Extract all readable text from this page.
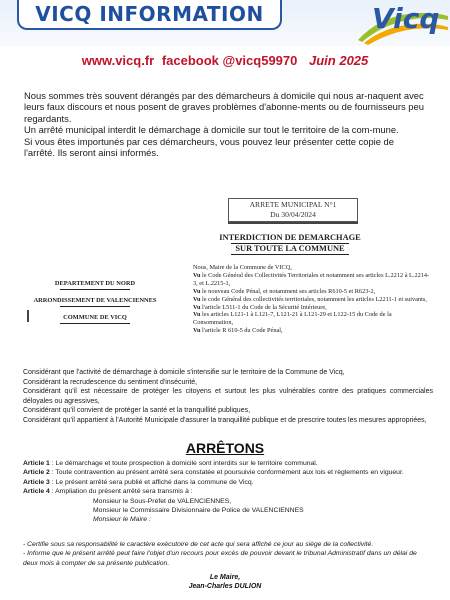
VICQ INFORMATION	Vicq
www.vicq.fr facebook @vicq59970 Juin 2025

Nous sommes très souvent dérangés par des démarcheurs à domicile qui nous ar-naquent avec leurs faux discours et nous posent de graves problèmes d'abonne-ments ou de fournisseurs peu regardants.

Un arrêté municipal interdit le démarchage à domicile sur tout le territoire de la com-mune.

Si vous êtes importunés par ces démarcheurs, vous pouvez leur présenter cette copie de l'arrêté. Ils seront ainsi informés.

ARRETE MUNICIPAL N°1
Du 30/04/2024
INTERDICTION DE DEMARCHAGE
SUR TOUTE LA COMMUNE
DEPARTEMENT DU NORD
ARRONDISSEMENT DE VALENCIENNES
COMMUNE DE VICQ
Nous, Maire de la Commune de VICQ,
Vu le Code Général des Collectivités Territoriales et notamment ses articles L.2212 à L.2214-3, et L.2215-1,
Vu le nouveau Code Pénal, et notamment ses articles R610-5 et R623-2,
Vu le code Général des collectivités territoriales, notamment les articles L2211-1 et suivants,
Vu l'article L511-1 du Code de la Sécurité Intérieure,
Vu les articles L121-1 à L121-7, L121-21 à L121-29 et L122-15 du Code de la Consommation,
Vu l'article R 610-5 du Code Pénal,

Considérant que l'activité de démarchage à domicile s'intensifie sur le territoire de la Commune de Vicq,

Considérant la recrudescence du sentiment d'insécurité,

Considérant qu'il est nécessaire de protéger les citoyens et surtout les plus vulnérables contre des pratiques commerciales déloyales ou agressives,

Considérant qu'il convient de protéger la santé et la tranquillité publiques,

Considérant qu'il appartient à l'Autorité Municipale d'assurer la tranquillité publique et de prescrire toutes les mesures appropriées,

ARRÊTONS

Article 1 : Le démarchage et toute prospection à domicile sont interdits sur le territoire communal.

Article 2 : Toute contravention au présent arrêté sera constatée et poursuivie conformément aux lois et règlements en vigueur.

Article 3 : Le présent arrêté sera publié et affiché dans la commune de Vicq.

Article 4 : Ampliation du présent arrêté sera transmis à :

Monsieur le Sous-Préfet de VALENCIENNES,

Monsieur le Commissaire Divisionnaire de Police de VALENCIENNES

Monsieur le Maire :

- Certifie sous sa responsabilité le caractère exécutoire de cet acte qui sera affiché ce jour au siège de la collectivité.

- Informe que le présent arrêté peut faire l'objet d'un recours pour excès de pouvoir devant le tribunal Administratif dans un délai de deux mois à compter de sa présente publication.

Le Maire,
Jean-Charles DULION
